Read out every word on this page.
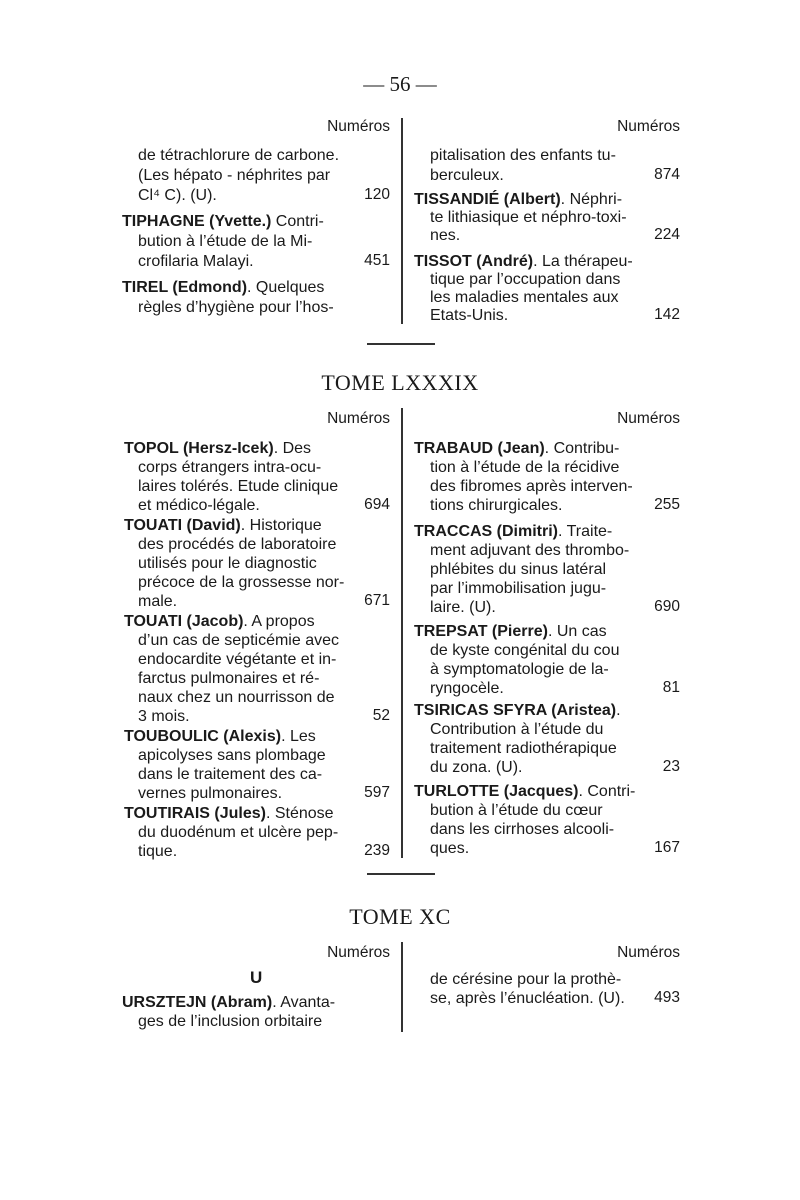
— 56 —
Numéros	Numéros
de tétrachlorure de carbone.
(Les hépato - néphrites par
Cl⁴ C). (U).	120
TIPHAGNE (Yvette.) Contri-
bution à l’étude de la Mi-
crofilaria Malayi.	451
TIREL (Edmond). Quelques
règles d’hygiène pour l’hos-
pitalisation des enfants tu-
berculeux.	874
TISSANDIÉ (Albert). Néphri-
te lithiasique et néphro-toxi-
nes.	224
TISSOT (André). La thérapeu-
tique par l’occupation dans
les maladies mentales aux
Etats-Unis.	142
TOME LXXXIX
Numéros	Numéros
TOPOL (Hersz-Icek). Des
corps étrangers intra-ocu-
laires tolérés. Etude clinique
et médico-légale.	694
TOUATI (David). Historique
des procédés de laboratoire
utilisés pour le diagnostic
précoce de la grossesse nor-
male.	671
TOUATI (Jacob). A propos
d’un cas de septicémie avec
endocardite végétante et in-
farctus pulmonaires et ré-
naux chez un nourrisson de
3 mois.	52
TOUBOULIC (Alexis). Les
apicolyses sans plombage
dans le traitement des ca-
vernes pulmonaires.	597
TOUTIRAIS (Jules). Sténose
du duodénum et ulcère pep-
tique.	239
TRABAUD (Jean). Contribu-
tion à l’étude de la récidive
des fibromes après interven-
tions chirurgicales.	255
TRACCAS (Dimitri). Traite-
ment adjuvant des thrombo-
phlébites du sinus latéral
par l’immobilisation jugu-
laire. (U).	690
TREPSAT (Pierre). Un cas
de kyste congénital du cou
à symptomatologie de la-
ryngocèle.	81
TSIRICAS SFYRA (Aristea).
Contribution à l’étude du
traitement radiothérapique
du zona. (U).	23
TURLOTTE (Jacques). Contri-
bution à l’étude du cœur
dans les cirrhoses alcooli-
ques.	167
TOME XC
Numéros	Numéros
U
URSZTEJN (Abram). Avanta-
ges de l’inclusion orbitaire
de cérésine pour la prothè-
se, après l’énucléation. (U).	493
